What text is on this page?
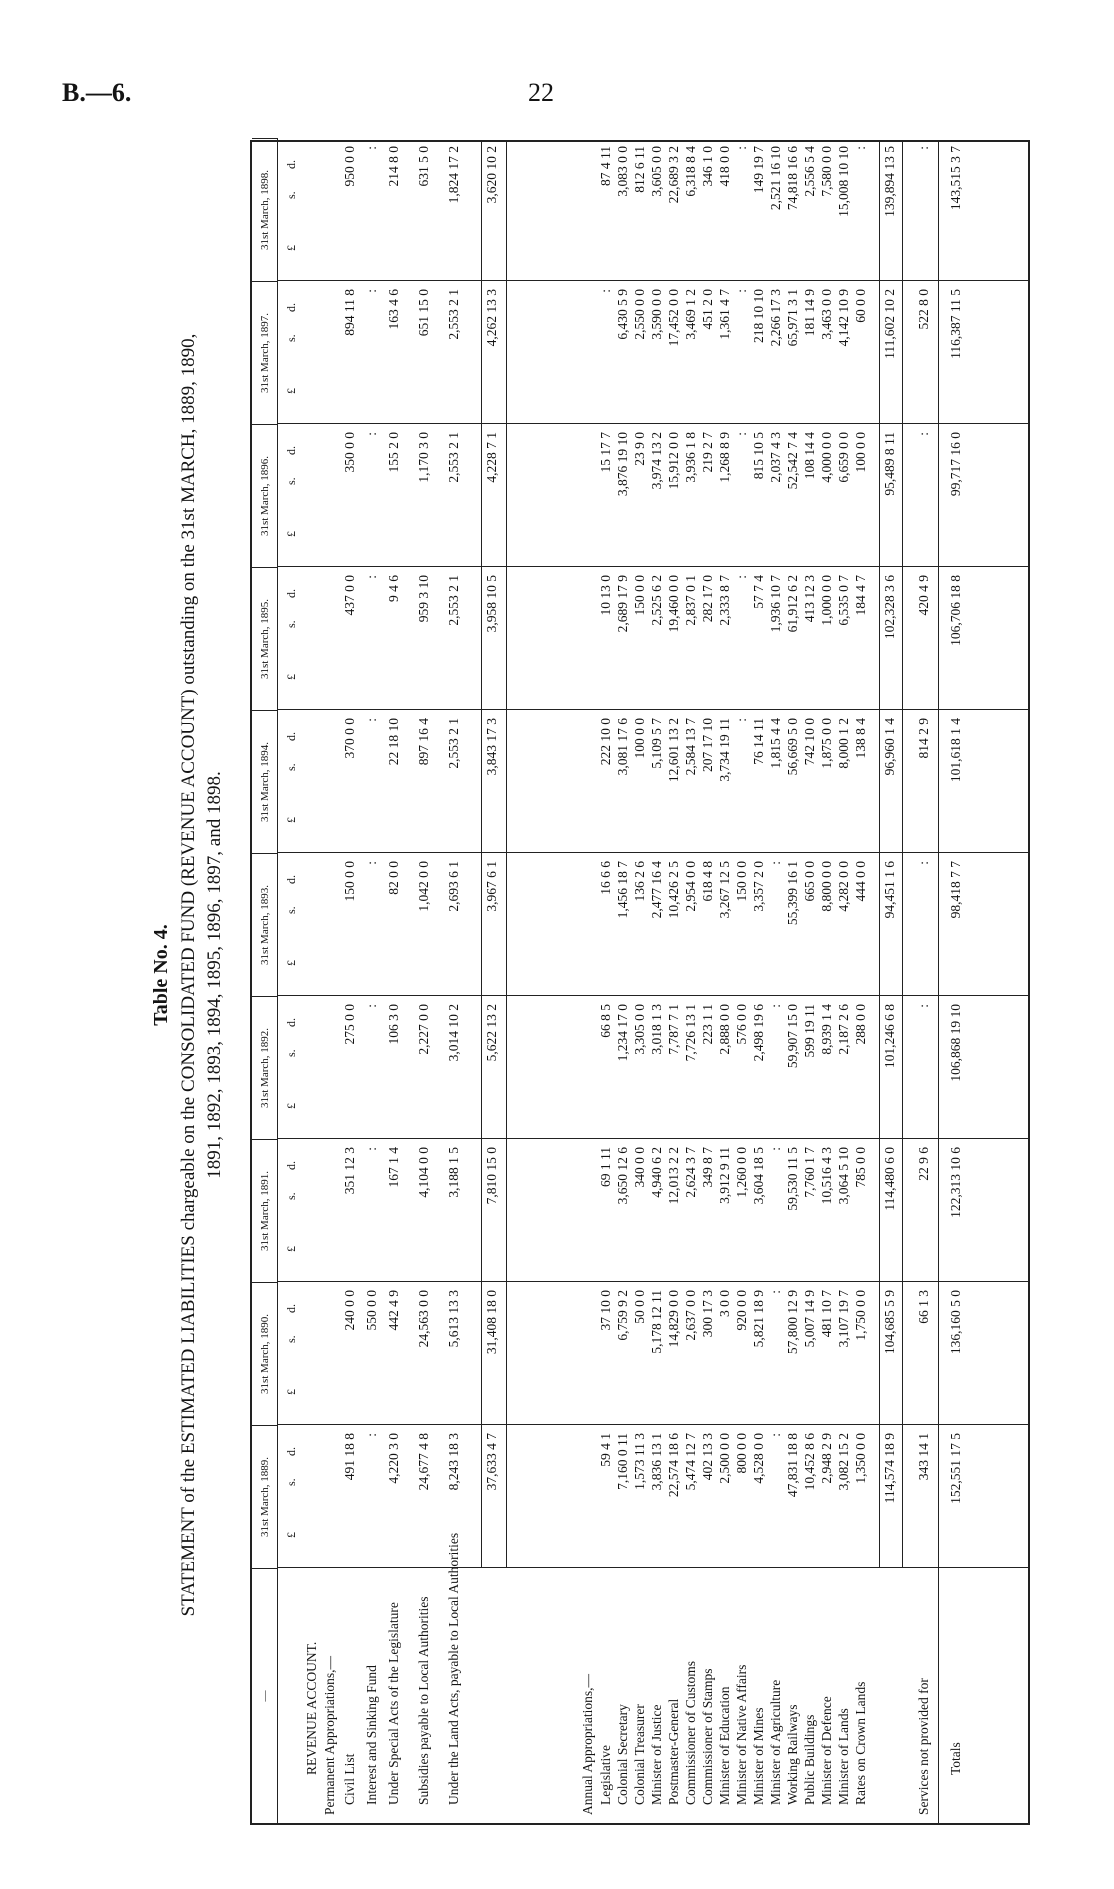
B.—6.	22
Table No. 4. STATEMENT of the ESTIMATED LIABILITIES chargeable on the CONSOLIDATED FUND (REVENUE ACCOUNT) outstanding on the 31st MARCH, 1889, 1890, 1891, 1892, 1893, 1894, 1895, 1896, 1897, and 1898.
—
31st March, 1889.
31st March, 1890.
31st March, 1891.
31st March, 1892.
31st March, 1893.
31st March, 1894.
31st March, 1895.
31st March, 1896.
31st March, 1897.
31st March, 1898.
£
s.
d.
£
s.
d.
£
s.
d.
£
s.
d.
£
s.
d.
£
s.
d.
£
s.
d.
£
s.
d.
£
s.
d.
£
s.
d.
REVENUE ACCOUNT. Permanent Appropriations,— Civil List
491 18 8
240 0 0
351 12 3
275 0 0
150 0 0
370 0 0
437 0 0
350 0 0
894 11 8
950 0 0
Interest and Sinking Fund
:
550 0 0
:
:
:
:
:
:
:
:
Under Special Acts of the Legislature
4,220 3 0
442 4 9
167 1 4
106 3 0
82 0 0
22 18 10
9 4 6
155 2 0
163 4 6
214 8 0
Subsidies payable to Local Authorities
24,677 4 8
24,563 0 0
4,104 0 0
2,227 0 0
1,042 0 0
897 16 4
959 3 10
1,170 3 0
651 15 0
631 5 0
Under the Land Acts, payable to Local Authorities
8,243 18 3
5,613 13 3
3,188 1 5
3,014 10 2
2,693 6 1
2,553 2 1
2,553 2 1
2,553 2 1
2,553 2 1
1,824 17 2
37,633 4 7
31,408 18 0
7,810 15 0
5,622 13 2
3,967 6 1
3,843 17 3
3,958 10 5
4,228 7 1
4,262 13 3
3,620 10 2
Annual Appropriations,— Legislative
59 4 1
37 10 0
69 1 11
66 8 5
16 6 6
222 10 0
10 13 0
15 17 7
:
87 4 11
Colonial Secretary
7,160 0 11
6,759 9 2
3,650 12 6
1,234 17 0
1,456 18 7
3,081 17 6
2,689 17 9
3,876 19 10
6,430 5 9
3,083 0 0
Colonial Treasurer
1,573 11 3
50 0 0
340 0 0
3,305 0 0
136 2 6
100 0 0
150 0 0
23 9 0
2,550 0 0
812 6 11
Minister of Justice
3,836 13 1
5,178 12 11
4,940 6 2
3,018 1 3
2,477 16 4
5,109 5 7
2,525 6 2
3,974 13 2
3,590 0 0
3,605 0 0
Postmaster-General
22,574 18 6
14,829 0 0
12,013 2 2
7,787 7 1
10,426 2 5
12,601 13 2
19,460 0 0
15,912 0 0
17,452 0 0
22,689 3 2
Commissioner of Customs
5,474 12 7
2,637 0 0
2,624 3 7
7,726 13 1
2,954 0 0
2,584 13 7
2,837 0 1
3,936 1 8
3,469 1 2
6,318 8 4
Commissioner of Stamps
402 13 3
300 17 3
349 8 7
223 1 1
618 4 8
207 17 10
282 17 0
219 2 7
451 2 0
346 1 0
Minister of Education
2,500 0 0
3 0 0
3,912 9 11
2,888 0 0
3,267 12 5
3,734 19 11
2,333 8 7
1,268 8 9
1,361 4 7
418 0 0
Minister of Native Affairs
800 0 0
920 0 0
1,260 0 0
576 0 0
150 0 0
:
:
:
:
:
Minister of Mines
4,528 0 0
5,821 18 9
3,604 18 5
2,498 19 6
3,357 2 0
76 14 11
57 7 4
815 10 5
218 10 10
149 19 7
Minister of Agriculture
:
:
:
:
:
1,815 4 4
1,936 10 7
2,037 4 3
2,266 17 3
2,521 16 10
Working Railways
47,831 18 8
57,800 12 9
59,530 11 5
59,907 15 0
55,399 16 1
56,669 5 0
61,912 6 2
52,542 7 4
65,971 3 1
74,818 16 6
Public Buildings
10,452 8 6
5,007 14 9
7,760 1 7
599 19 11
665 0 0
742 10 0
413 12 3
108 14 4
181 14 9
2,556 5 4
Minister of Defence
2,948 2 9
481 10 7
10,516 4 3
8,939 1 4
8,800 0 0
1,875 0 0
1,000 0 0
4,000 0 0
3,463 0 0
7,580 0 0
Minister of Lands
3,082 15 2
3,107 19 7
3,064 5 10
2,187 2 6
4,282 0 0
8,000 1 2
6,535 0 7
6,659 0 0
4,142 10 9
15,008 10 10
Rates on Crown Lands
1,350 0 0
1,750 0 0
785 0 0
288 0 0
444 0 0
138 8 4
184 4 7
100 0 0
60 0 0
:
114,574 18 9
104,685 5 9
114,480 6 0
101,246 6 8
94,451 1 6
96,960 1 4
102,328 3 6
95,489 8 11
111,602 10 2
139,894 13 5
Services not provided for
343 14 1
66 1 3
22 9 6
:
:
814 2 9
420 4 9
:
522 8 0
:
Totals
152,551 17 5
136,160 5 0
122,313 10 6
106,868 19 10
98,418 7 7
101,618 1 4
106,706 18 8
99,717 16 0
116,387 11 5
143,515 3 7
